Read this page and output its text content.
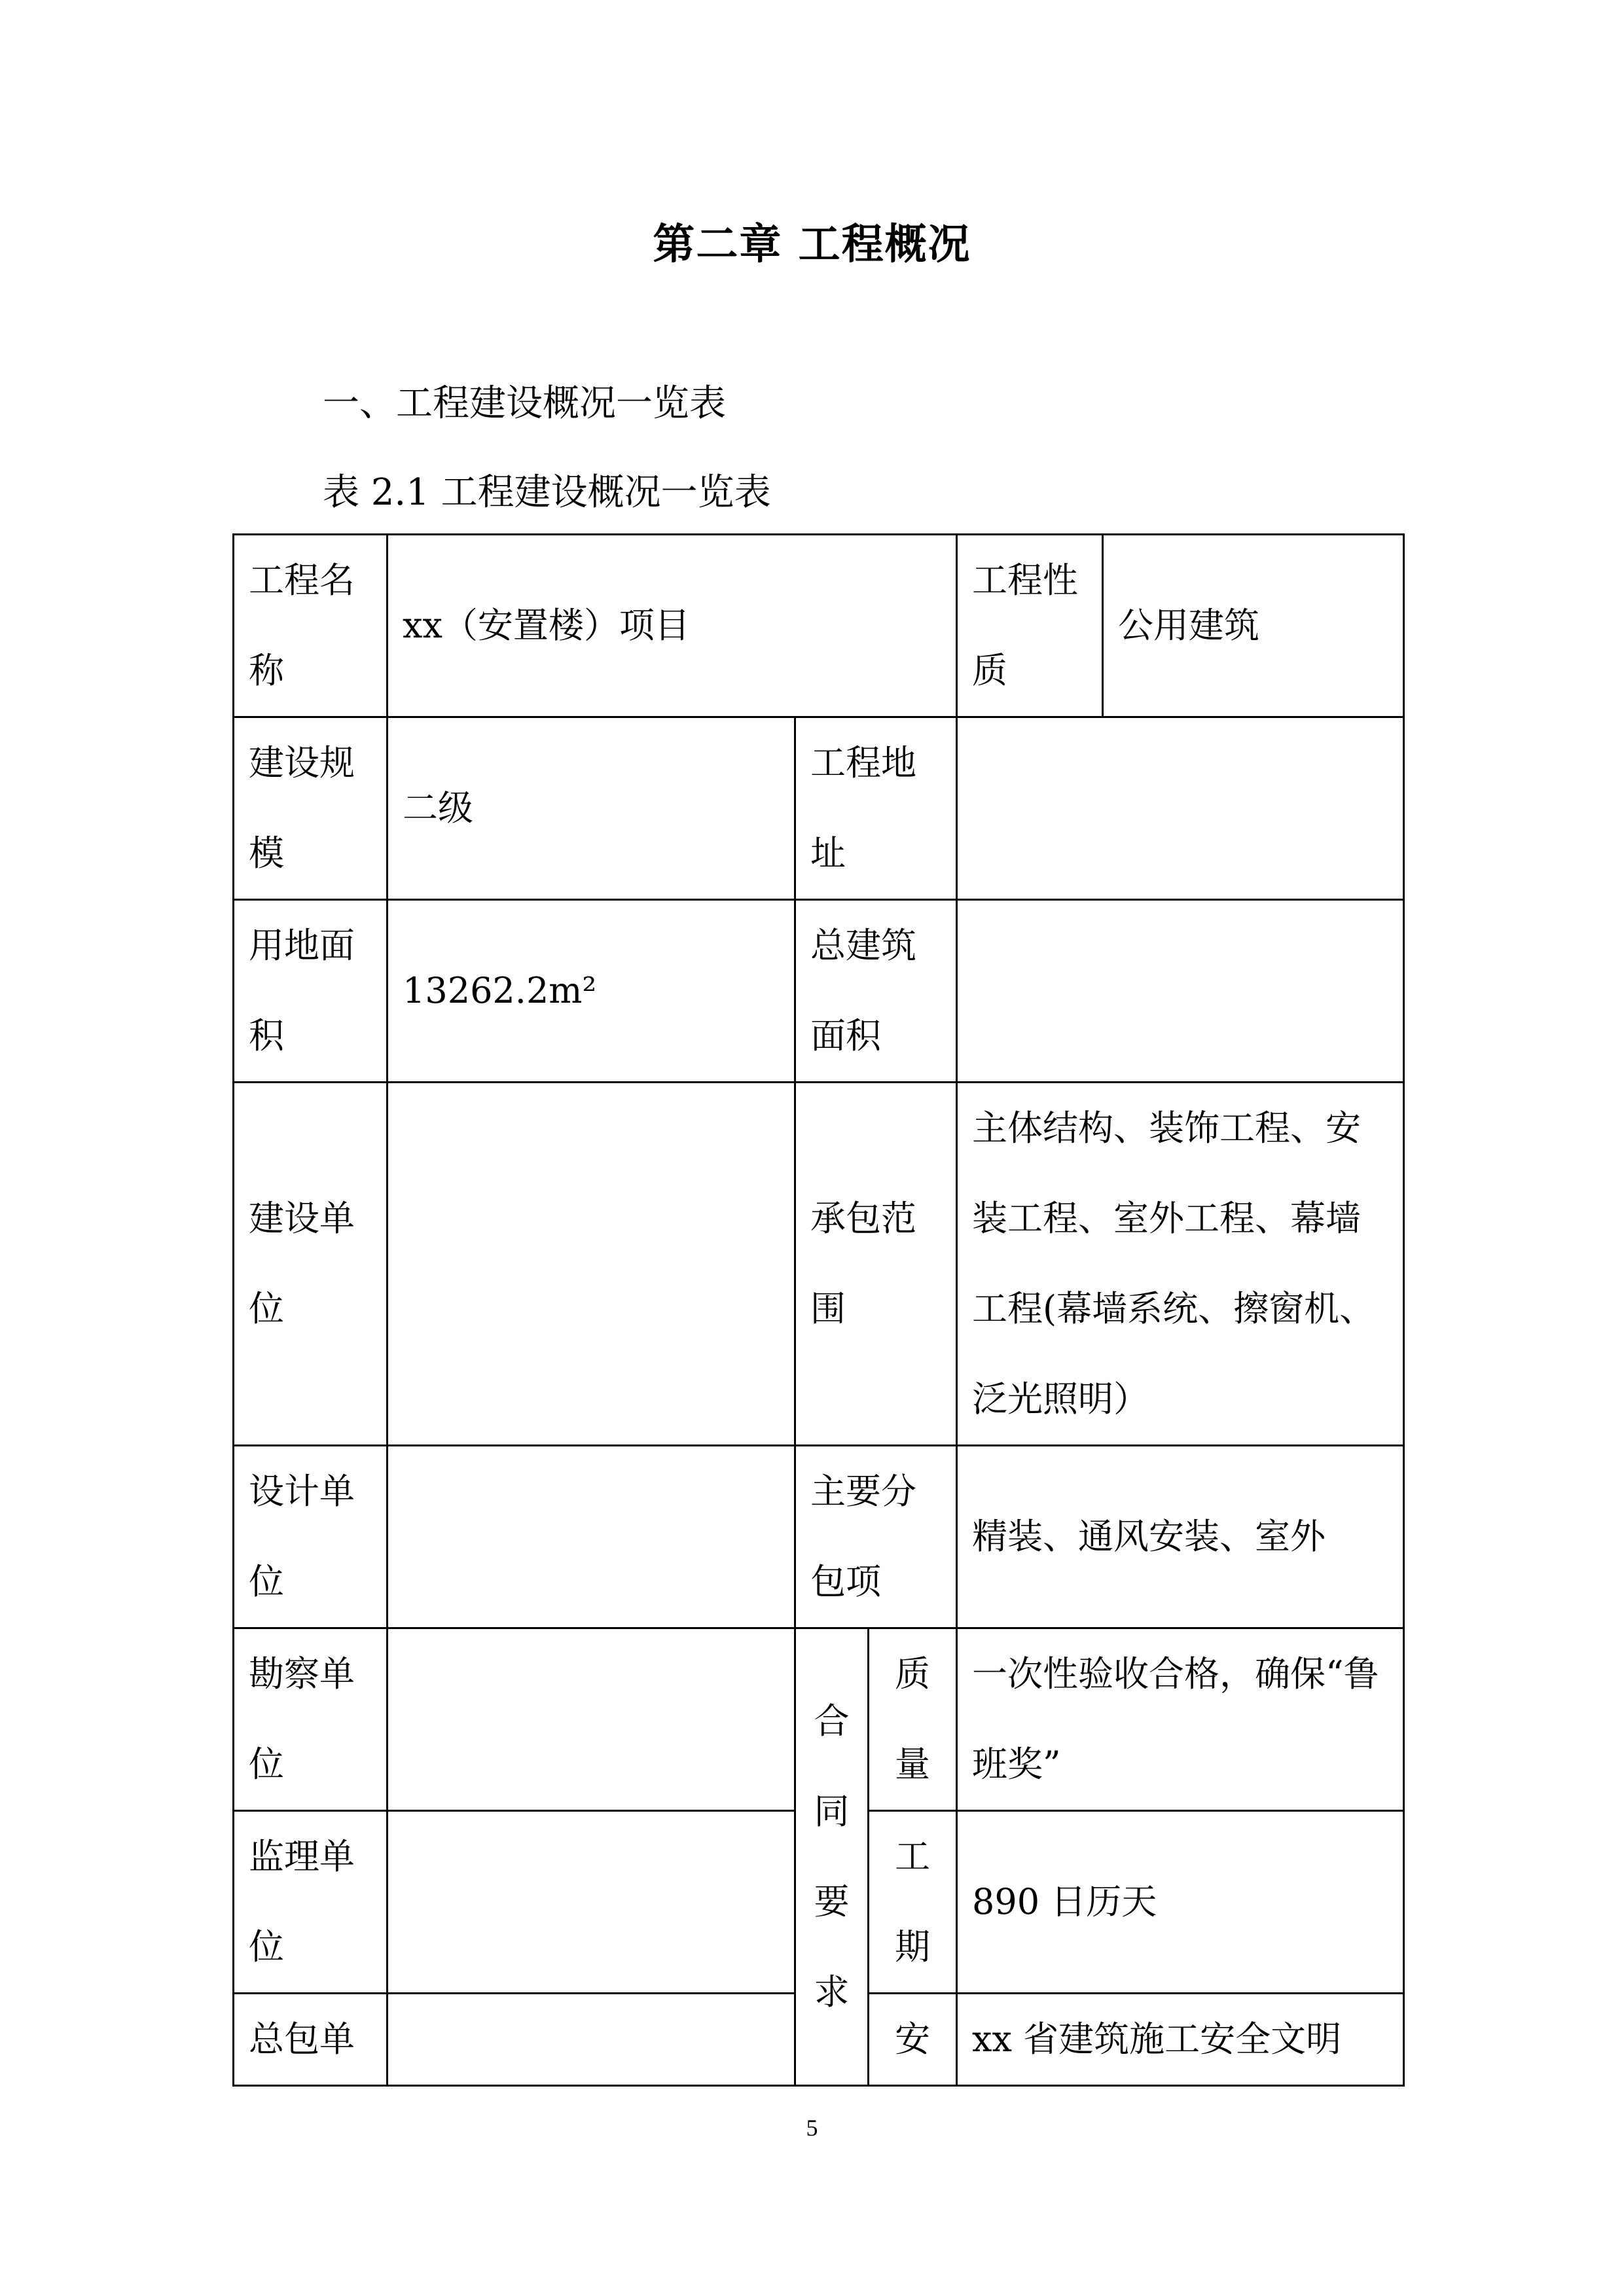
第二章 工程概况

一、工程建设概况一览表

表 2.1 工程建设概况一览表

工程名称	xx（安置楼）项目			工程性质	公用建筑
建设规模	二级	工程地址			
用地面积	13262.2m²	总建筑面积			
建设单位		承包范围		主体结构、装饰工程、安装工程、室外工程、幕墙工程(幕墙系统、擦窗机、泛光照明）	
设计单位		主要分包项		精装、通风安装、室外	
勘察单位		合同要求	质量	一次性验收合格，确保“鲁班奖”	
监理单位			工期	890 日历天	
总包单			安	xx 省建筑施工安全文明	
5
